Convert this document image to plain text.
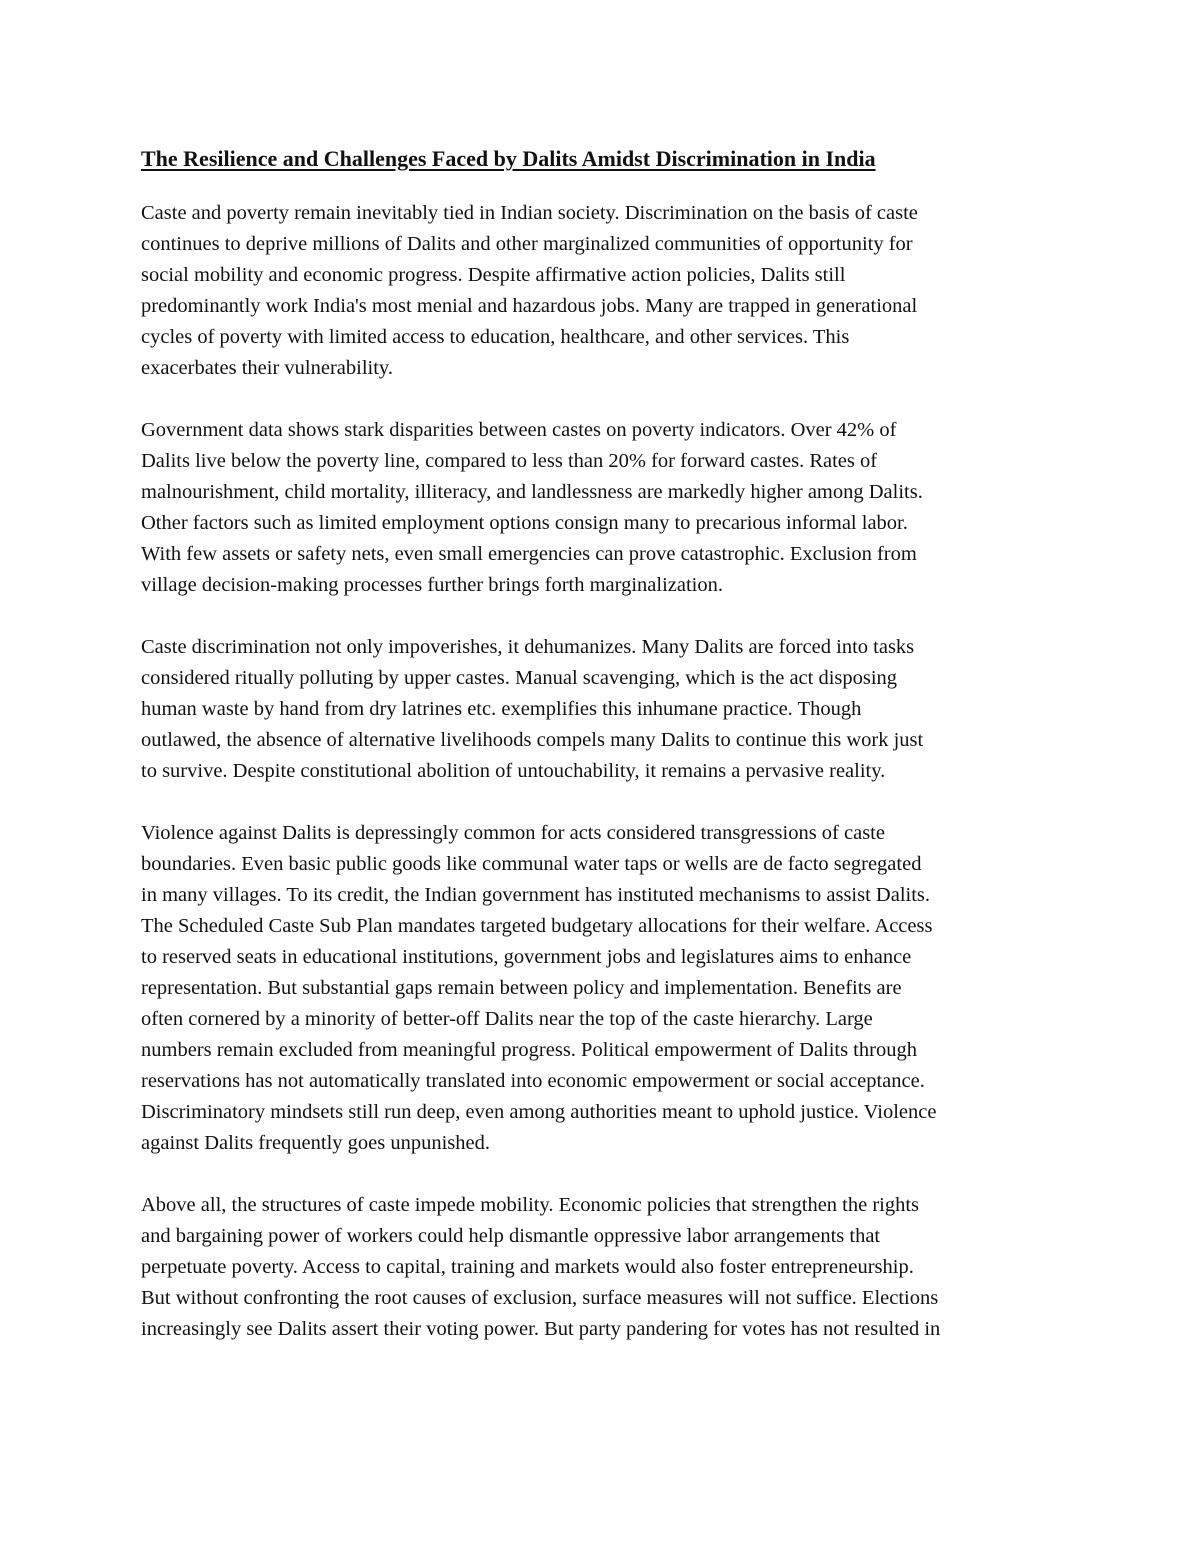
The Resilience and Challenges Faced by Dalits Amidst Discrimination in India
Caste and poverty remain inevitably tied in Indian society. Discrimination on the basis of caste
continues to deprive millions of Dalits and other marginalized communities of opportunity for
social mobility and economic progress. Despite affirmative action policies, Dalits still
predominantly work India's most menial and hazardous jobs. Many are trapped in generational
cycles of poverty with limited access to education, healthcare, and other services. This
exacerbates their vulnerability.
Government data shows stark disparities between castes on poverty indicators. Over 42% of
Dalits live below the poverty line, compared to less than 20% for forward castes. Rates of
malnourishment, child mortality, illiteracy, and landlessness are markedly higher among Dalits.
Other factors such as limited employment options consign many to precarious informal labor.
With few assets or safety nets, even small emergencies can prove catastrophic. Exclusion from
village decision-making processes further brings forth marginalization.
Caste discrimination not only impoverishes, it dehumanizes. Many Dalits are forced into tasks
considered ritually polluting by upper castes. Manual scavenging, which is the act disposing
human waste by hand from dry latrines etc. exemplifies this inhumane practice. Though
outlawed, the absence of alternative livelihoods compels many Dalits to continue this work just
to survive. Despite constitutional abolition of untouchability, it remains a pervasive reality.
Violence against Dalits is depressingly common for acts considered transgressions of caste
boundaries. Even basic public goods like communal water taps or wells are de facto segregated
in many villages. To its credit, the Indian government has instituted mechanisms to assist Dalits.
The Scheduled Caste Sub Plan mandates targeted budgetary allocations for their welfare. Access
to reserved seats in educational institutions, government jobs and legislatures aims to enhance
representation. But substantial gaps remain between policy and implementation. Benefits are
often cornered by a minority of better-off Dalits near the top of the caste hierarchy. Large
numbers remain excluded from meaningful progress. Political empowerment of Dalits through
reservations has not automatically translated into economic empowerment or social acceptance.
Discriminatory mindsets still run deep, even among authorities meant to uphold justice. Violence
against Dalits frequently goes unpunished.
Above all, the structures of caste impede mobility. Economic policies that strengthen the rights
and bargaining power of workers could help dismantle oppressive labor arrangements that
perpetuate poverty. Access to capital, training and markets would also foster entrepreneurship.
But without confronting the root causes of exclusion, surface measures will not suffice. Elections
increasingly see Dalits assert their voting power. But party pandering for votes has not resulted in
